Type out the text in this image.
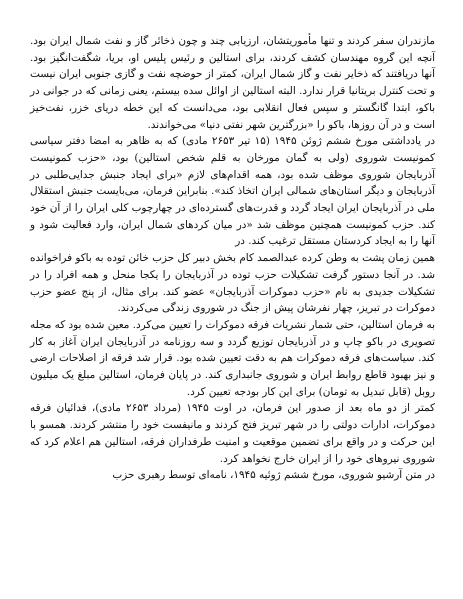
مازندران سفر کردند و تنها مأموریتشان، ارزیابی چند و چون ذخائر گاز و نفت شمال ایران بود. آنچه این گروه مهندسان کشف کردند، برای استالین و رئیس پلیس او، بریا، شگفت‌انگیز بود. آنها دریافتند که ذخایر نفت و گاز شمال ایران، کمتر از حوضچه نفت و گازی جنوبی ایران نیست و تحت کنترل بریتانیا قرار ندارد. البته استالین از اوائل سده بیستم، یعنی زمانی که در جوانی در باکو، ابتدا گانگستر و سپس فعال انقلابی بود، می‌دانست که این خطه دریای خزر، نفت‌خیز است و در آن روزها، باکو را «بزرگترین شهر نفتی دنیا» می‌خواندند.

در یادداشتی مورخ ششم ژوئن ۱۹۴۵ (۱۵ تیر ۲۶۵۳ مادی) که به ظاهر به امضا دفتر سیاسی کمونیست شوروی (ولی به گمان مورخان به قلم شخص استالین) بود، «حزب کمونیست آذربایجان شوروی موظف شده بود، همه اقدام‌های لازم «برای ایجاد جنبش جدایی‌طلبی در آذربایجان و دیگر استان‌های شمالی ایران اتخاذ کند». بنابراین فرمان، می‌بایست جنبش استقلال ملی در آذربایجان ایران ایجاد گردد و قدرت‌های گسترده‌ای در چهارچوب کلی ایران را از آن خود کند. حزب کمونیست همچنین موظف شد «در میان کردهای شمال ایران، وارد فعالیت شود و آنها را به ایجاد کردستان مستقل ترغیب کند. در

همین زمان پشت به وطن کرده عبدالصمد کام بخش دبیر کل حزب خائن توده به باکو فراخوانده شد. در آنجا دستور گرفت تشکیلات حزب توده در آذربایجان را یکجا منحل و همه افراد را در تشکیلات جدیدی به نام «حزب دموکرات آذربایجان» عضو کند. برای مثال، از پنج عضو حزب دموکرات در تبریز، چهار نفرشان پیش از جنگ در شوروی زندگی می‌کردند.

به فرمان استالین، حتی شمار نشریات فرقه دموکرات را تعیین می‌کرد. معین شده بود که مجله تصویری در باکو چاپ و در آذربایجان توزیع گردد و سه روزنامه در آذربایجان ایران آغاز به کار کند. سیاست‌های فرقه دموکرات هم به دقت تعیین شده بود. قرار شد فرقه از اصلاحات ارضی و نیز بهبود قاطع روابط ایران و شوروی جانبداری کند. در پایان فرمان، استالین مبلغ یک میلیون روبل (قابل تبدیل به تومان) برای این کار بودجه تعیین کرد.

کمتر از دو ماه بعد از صدور این فرمان، در اوت ۱۹۴۵ (مرداد ۲۶۵۳ مادی)، فدائیان فرقه دموکرات، ادارات دولتی را در شهر تبریز فتح کردند و مانیفست خود را منتشر کردند. همسو با این حرکت و در واقع برای تضمین موقعیت و امنیت طرفداران فرقه، استالین هم اعلام کرد که شوروی نیروهای خود را از ایران خارج نخواهد کرد.

در متن آرشیو شوروی، مورخ ششم ژوئیه ۱۹۴۵، نامه‌ای توسط رهبری حزب
